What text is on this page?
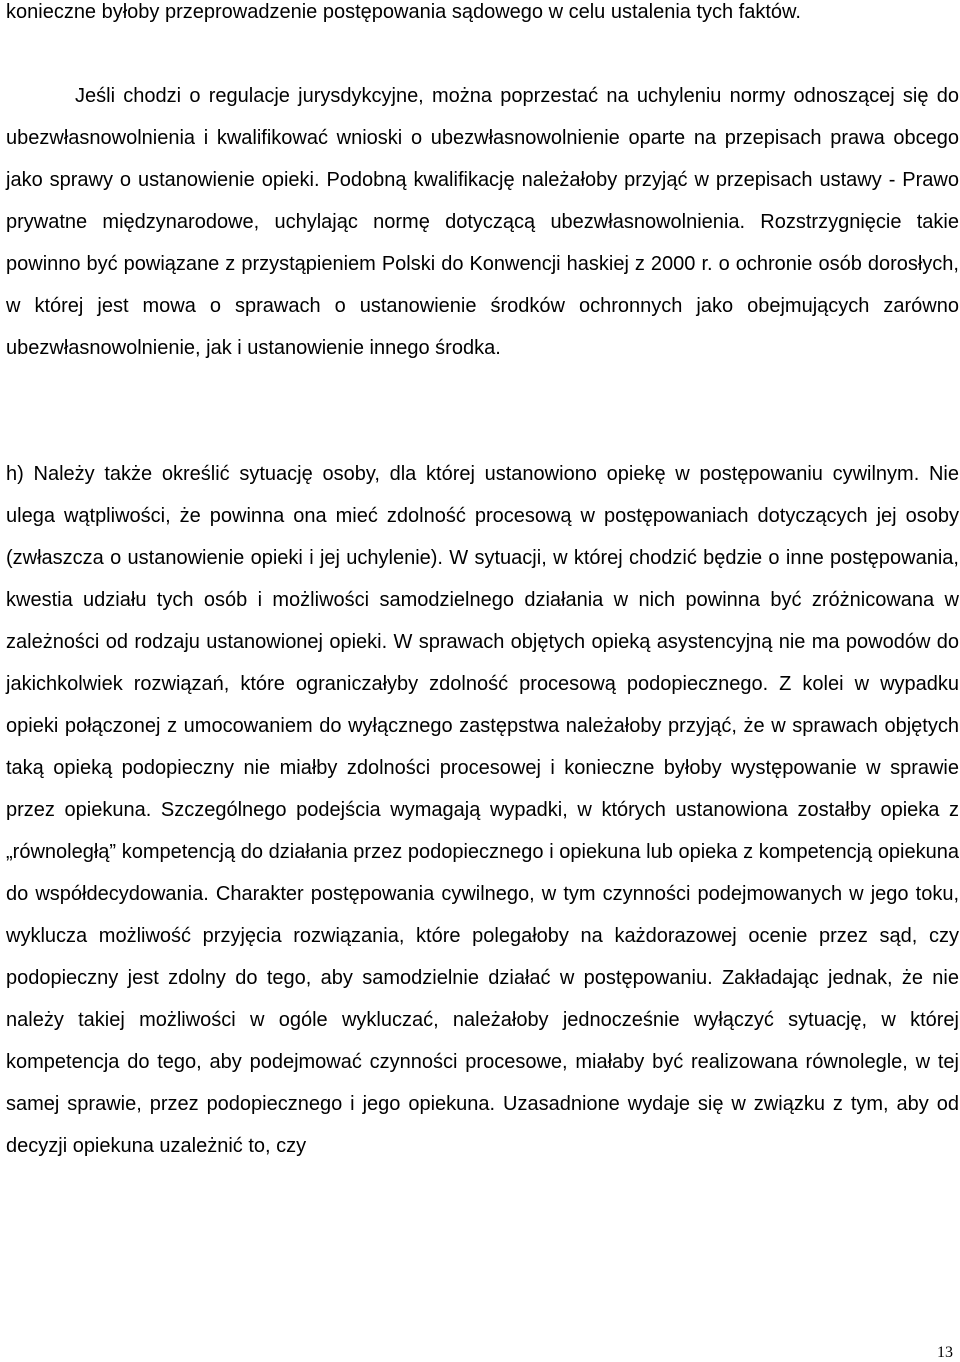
konieczne byłoby przeprowadzenie postępowania sądowego w celu ustalenia tych faktów.

Jeśli chodzi o regulacje jurysdykcyjne, można poprzestać na uchyleniu normy odnoszącej się do ubezwłasnowolnienia i kwalifikować wnioski o ubezwłasnowolnienie oparte na przepisach prawa obcego jako sprawy o ustanowienie opieki. Podobną kwalifikację należałoby przyjąć w przepisach ustawy - Prawo prywatne międzynarodowe, uchylając normę dotyczącą ubezwłasnowolnienia. Rozstrzygnięcie takie powinno być powiązane z przystąpieniem Polski do Konwencji haskiej z 2000 r. o ochronie osób dorosłych, w której jest mowa o sprawach o ustanowienie środków ochronnych jako obejmujących zarówno ubezwłasnowolnienie, jak i ustanowienie innego środka.

h) Należy także określić sytuację osoby, dla której ustanowiono opiekę w postępowaniu cywilnym. Nie ulega wątpliwości, że powinna ona mieć zdolność procesową w postępowaniach dotyczących jej osoby (zwłaszcza o ustanowienie opieki i jej uchylenie). W sytuacji, w której chodzić będzie o inne postępowania, kwestia udziału tych osób i możliwości samodzielnego działania w nich powinna być zróżnicowana w zależności od rodzaju ustanowionej opieki. W sprawach objętych opieką asystencyjną nie ma powodów do jakichkolwiek rozwiązań, które ograniczałyby zdolność procesową podopiecznego. Z kolei w wypadku opieki połączonej z umocowaniem do wyłącznego zastępstwa należałoby przyjąć, że w sprawach objętych taką opieką podopieczny nie miałby zdolności procesowej i konieczne byłoby występowanie w sprawie przez opiekuna. Szczególnego podejścia wymagają wypadki, w których ustanowiona zostałby opieka z „równoległą” kompetencją do działania przez podopiecznego i opiekuna lub opieka z kompetencją opiekuna do współdecydowania. Charakter postępowania cywilnego, w tym czynności podejmowanych w jego toku, wyklucza możliwość przyjęcia rozwiązania, które polegałoby na każdorazowej ocenie przez sąd, czy podopieczny jest zdolny do tego, aby samodzielnie działać w postępowaniu. Zakładając jednak, że nie należy takiej możliwości w ogóle wykluczać, należałoby jednocześnie wyłączyć sytuację, w której kompetencja do tego, aby podejmować czynności procesowe, miałaby być realizowana równolegle, w tej samej sprawie, przez podopiecznego i jego opiekuna. Uzasadnione wydaje się w związku z tym, aby od decyzji opiekuna uzależnić to, czy

13
